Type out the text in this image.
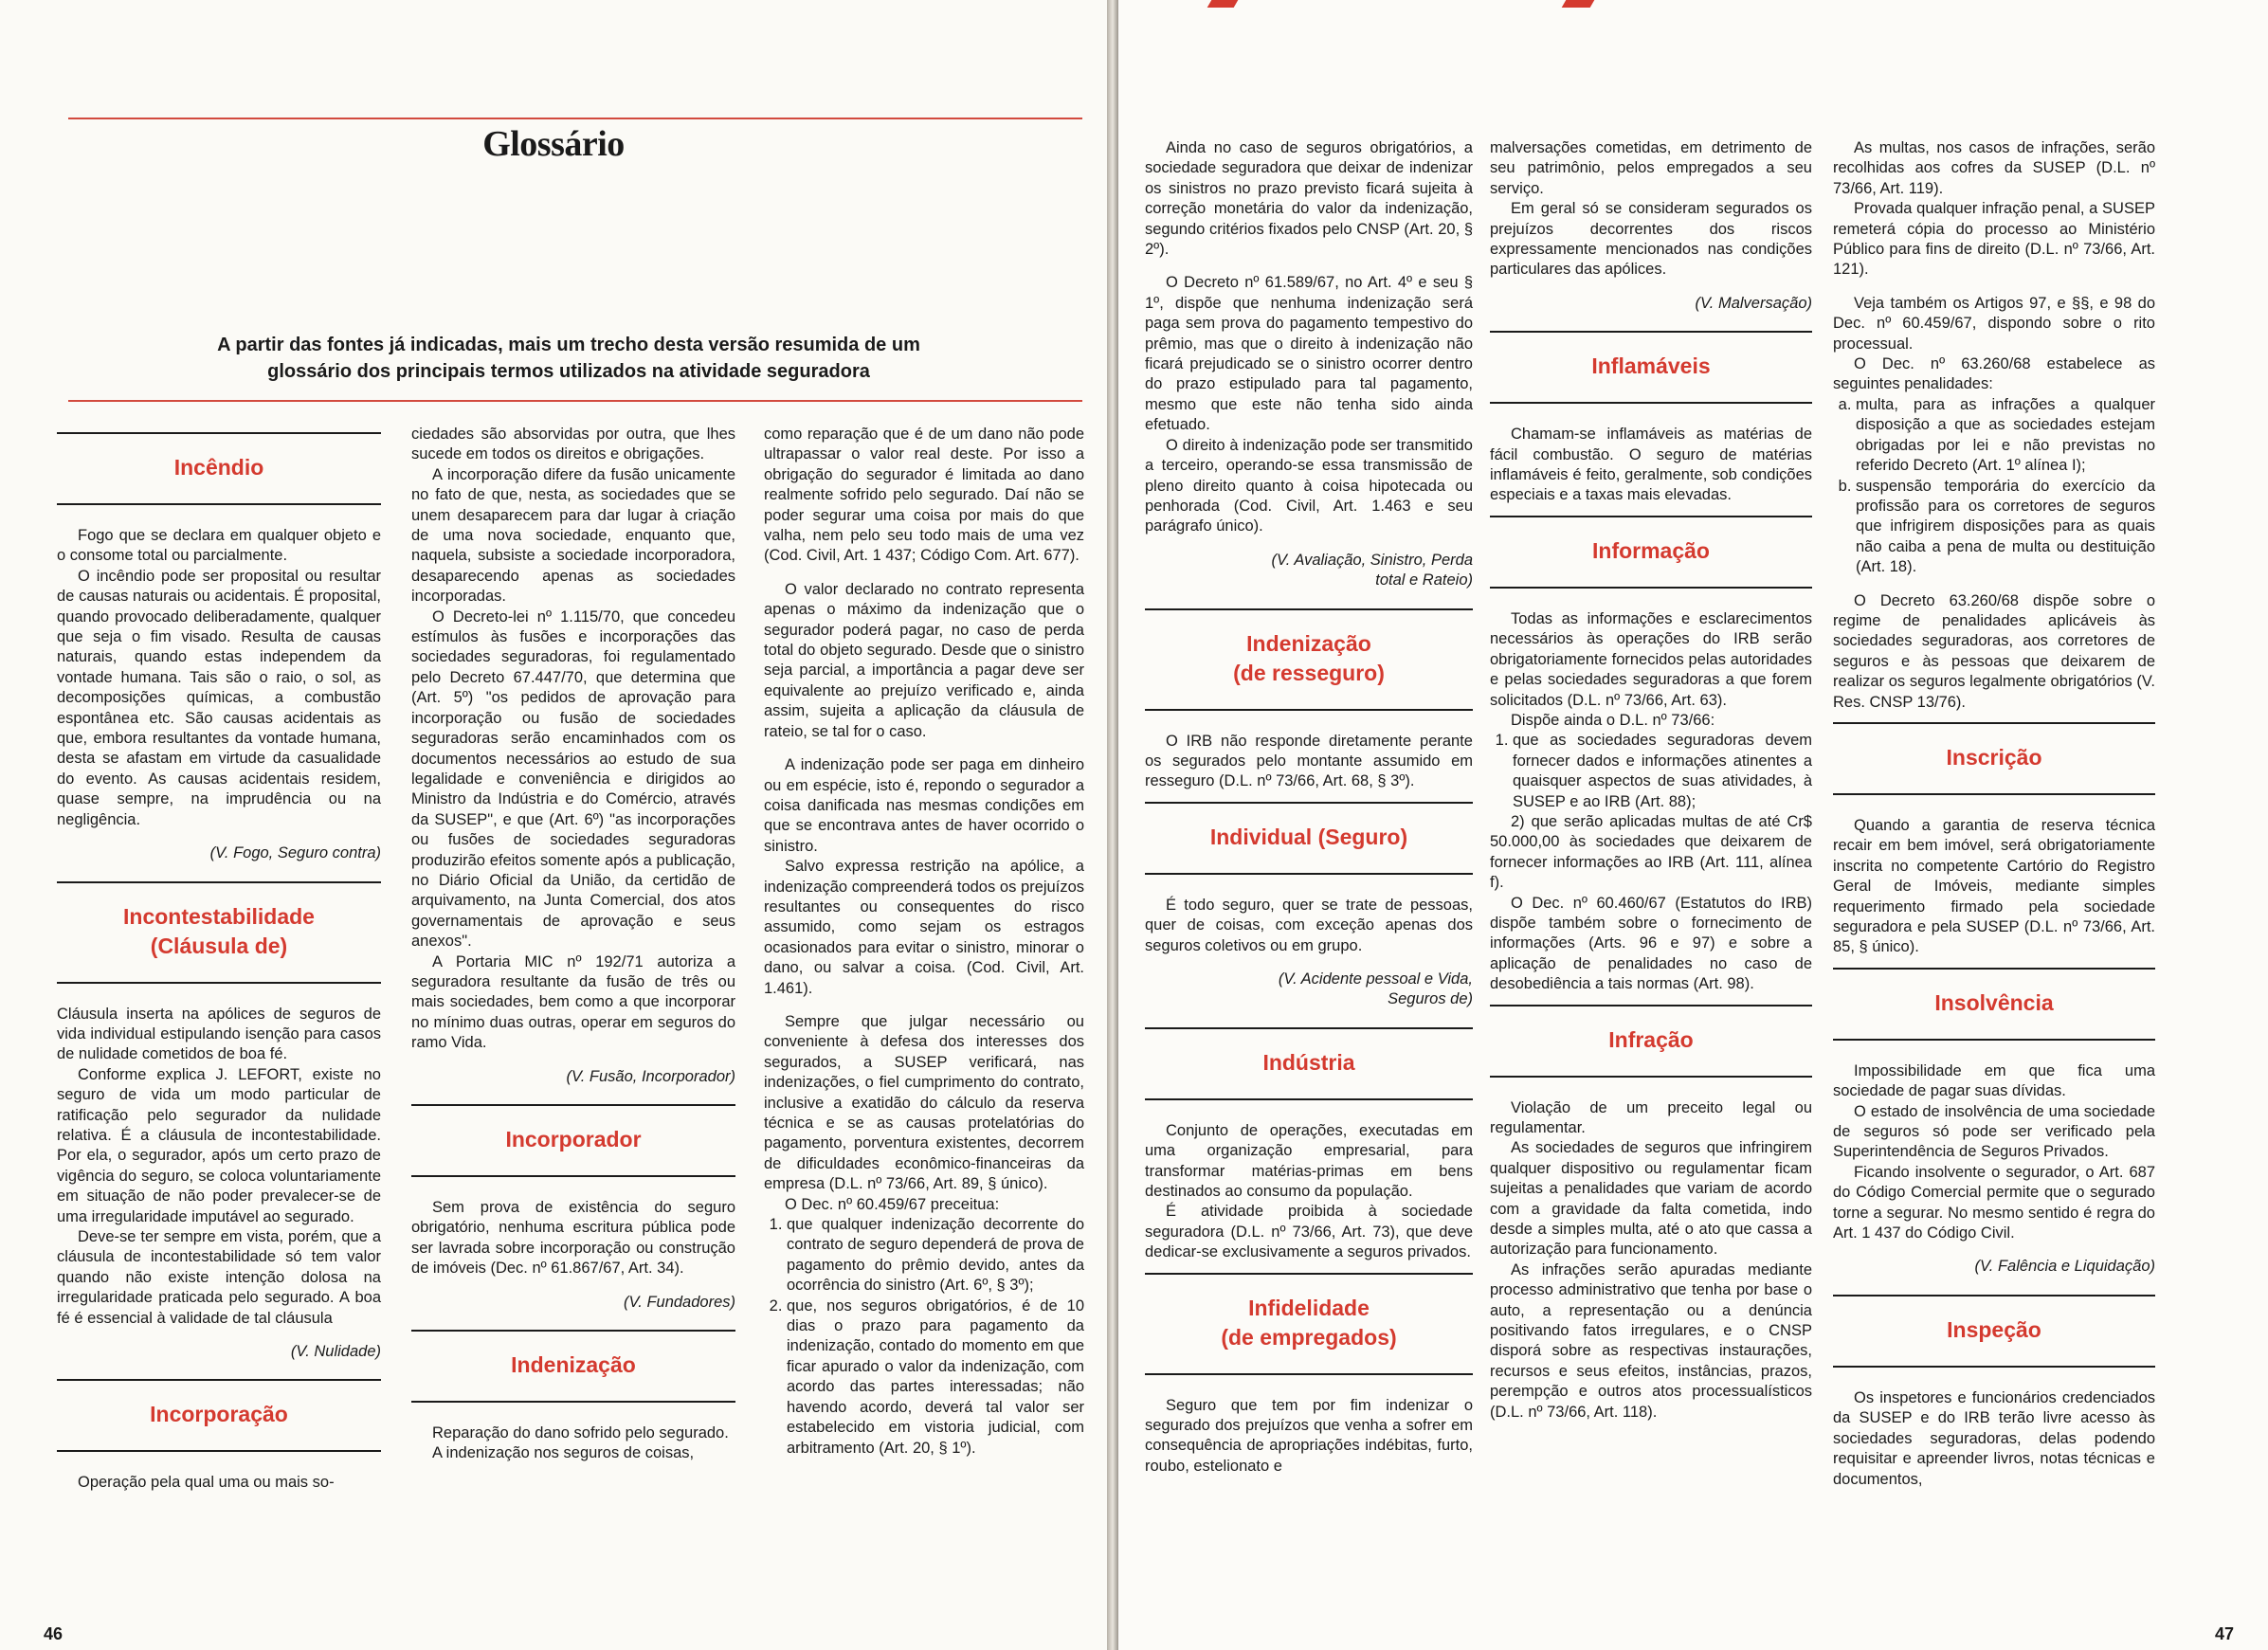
Glossário
A partir das fontes já indicadas, mais um trecho desta versão resumida de um
glossário dos principais termos utilizados na atividade seguradora
Incêndio

Fogo que se declara em qualquer objeto e o consome total ou parcialmente.

O incêndio pode ser proposital ou resultar de causas naturais ou acidentais. É proposital, quando provocado deliberadamente, qualquer que seja o fim visado. Resulta de causas naturais, quando estas independem da vontade humana. Tais são o raio, o sol, as decomposições químicas, a combustão espontânea etc. São causas acidentais as que, embora resultantes da vontade humana, desta se afastam em virtude da casualidade do evento. As causas acidentais residem, quase sempre, na imprudência ou na negligência.

(V. Fogo, Seguro contra)

Incontestabilidade
(Cláusula de)

Cláusula inserta na apólices de seguros de vida individual estipulando isenção para casos de nulidade cometidos de boa fé.

Conforme explica J. LEFORT, existe no seguro de vida um modo particular de ratificação pelo segurador da nulidade relativa. É a cláusula de incontestabilidade. Por ela, o segurador, após um certo prazo de vigência do seguro, se coloca voluntariamente em situação de não poder prevalecer-se de uma irregularidade imputável ao segurado.

Deve-se ter sempre em vista, porém, que a cláusula de incontestabilidade só tem valor quando não existe intenção dolosa na irregularidade praticada pelo segurado. A boa fé é essencial à validade de tal cláusula

(V. Nulidade)

Incorporação

Operação pela qual uma ou mais so-

ciedades são absorvidas por outra, que lhes sucede em todos os direitos e obrigações.

A incorporação difere da fusão unicamente no fato de que, nesta, as sociedades que se unem desaparecem para dar lugar à criação de uma nova sociedade, enquanto que, naquela, subsiste a sociedade incorporadora, desaparecendo apenas as sociedades incorporadas.

O Decreto-lei nº 1.115/70, que concedeu estímulos às fusões e incorporações das sociedades seguradoras, foi regulamentado pelo Decreto 67.447/70, que determina que (Art. 5º) "os pedidos de aprovação para incorporação ou fusão de sociedades seguradoras serão encaminhados com os documentos necessários ao estudo de sua legalidade e conveniência e dirigidos ao Ministro da Indústria e do Comércio, através da SUSEP", e que (Art. 6º) "as incorporações ou fusões de sociedades seguradoras produzirão efeitos somente após a publicação, no Diário Oficial da União, da certidão de arquivamento, na Junta Comercial, dos atos governamentais de aprovação e seus anexos".

A Portaria MIC nº 192/71 autoriza a seguradora resultante da fusão de três ou mais sociedades, bem como a que incorporar no mínimo duas outras, operar em seguros do ramo Vida.

(V. Fusão, Incorporador)

Incorporador

Sem prova de existência do seguro obrigatório, nenhuma escritura pública pode ser lavrada sobre incorporação ou construção de imóveis (Dec. nº 61.867/67, Art. 34).

(V. Fundadores)

Indenização

Reparação do dano sofrido pelo segurado.

A indenização nos seguros de coisas,

como reparação que é de um dano não pode ultrapassar o valor real deste. Por isso a obrigação do segurador é limitada ao dano realmente sofrido pelo segurado. Daí não se poder segurar uma coisa por mais do que valha, nem pelo seu todo mais de uma vez (Cod. Civil, Art. 1 437; Código Com. Art. 677).

O valor declarado no contrato representa apenas o máximo da indenização que o segurador poderá pagar, no caso de perda total do objeto segurado. Desde que o sinistro seja parcial, a importância a pagar deve ser equivalente ao prejuízo verificado e, ainda assim, sujeita a aplicação da cláusula de rateio, se tal for o caso.

A indenização pode ser paga em dinheiro ou em espécie, isto é, repondo o segurador a coisa danificada nas mesmas condições em que se encontrava antes de haver ocorrido o sinistro.

Salvo expressa restrição na apólice, a indenização compreenderá todos os prejuízos resultantes ou consequentes do risco assumido, como sejam os estragos ocasionados para evitar o sinistro, minorar o dano, ou salvar a coisa. (Cod. Civil, Art. 1.461).

Sempre que julgar necessário ou conveniente à defesa dos interesses dos segurados, a SUSEP verificará, nas indenizações, o fiel cumprimento do contrato, inclusive a exatidão do cálculo da reserva técnica e se as causas protelatórias do pagamento, porventura existentes, decorrem de dificuldades econômico-financeiras da empresa (D.L. nº 73/66, Art. 89, § único).

O Dec. nº 60.459/67 preceitua:

1. que qualquer indenização decorrente do contrato de seguro dependerá de prova de pagamento do prêmio devido, antes da ocorrência do sinistro (Art. 6º, § 3º);
2. que, nos seguros obrigatórios, é de 10 dias o prazo para pagamento da indenização, contado do momento em que ficar apurado o valor da indenização, com acordo das partes interessadas; não havendo acordo, deverá tal valor ser estabelecido em vistoria judicial, com arbitramento (Art. 20, § 1º).
46

Ainda no caso de seguros obrigatórios, a sociedade seguradora que deixar de indenizar os sinistros no prazo previsto ficará sujeita à correção monetária do valor da indenização, segundo critérios fixados pelo CNSP (Art. 20, § 2º).

O Decreto nº 61.589/67, no Art. 4º e seu § 1º, dispõe que nenhuma indenização será paga sem prova do pagamento tempestivo do prêmio, mas que o direito à indenização não ficará prejudicado se o sinistro ocorrer dentro do prazo estipulado para tal pagamento, mesmo que este não tenha sido ainda efetuado.

O direito à indenização pode ser transmitido a terceiro, operando-se essa transmissão de pleno direito quanto à coisa hipotecada ou penhorada (Cod. Civil, Art. 1.463 e seu parágrafo único).

(V. Avaliação, Sinistro, Perda
total e Rateio)
Indenização
(de resseguro)

O IRB não responde diretamente perante os segurados pelo montante assumido em resseguro (D.L. nº 73/66, Art. 68, § 3º).

Individual (Seguro)

É todo seguro, quer se trate de pessoas, quer de coisas, com exceção apenas dos seguros coletivos ou em grupo.

(V. Acidente pessoal e Vida,
Seguros de)
Indústria

Conjunto de operações, executadas em uma organização empresarial, para transformar matérias-primas em bens destinados ao consumo da população.

É atividade proibida à sociedade seguradora (D.L. nº 73/66, Art. 73), que deve dedicar-se exclusivamente a seguros privados.

Infidelidade
(de empregados)

Seguro que tem por fim indenizar o segurado dos prejuízos que venha a sofrer em consequência de apropriações indébitas, furto, roubo, estelionato e

malversações cometidas, em detrimento de seu patrimônio, pelos empregados a seu serviço.

Em geral só se consideram segurados os prejuízos decorrentes dos riscos expressamente mencionados nas condições particulares das apólices.

(V. Malversação)

Inflamáveis

Chamam-se inflamáveis as matérias de fácil combustão. O seguro de matérias inflamáveis é feito, geralmente, sob condições especiais e a taxas mais elevadas.

Informação

Todas as informações e esclarecimentos necessários às operações do IRB serão obrigatoriamente fornecidos pelas autoridades e pelas sociedades seguradoras a que forem solicitados (D.L. nº 73/66, Art. 63).

Dispõe ainda o D.L. nº 73/66:

1. que as sociedades seguradoras devem fornecer dados e informações atinentes a quaisquer aspectos de suas atividades, à SUSEP e ao IRB (Art. 88);

2) que serão aplicadas multas de até Cr$ 50.000,00 às sociedades que deixarem de fornecer informações ao IRB (Art. 111, alínea f).

O Dec. nº 60.460/67 (Estatutos do IRB) dispõe também sobre o fornecimento de informações (Arts. 96 e 97) e sobre a aplicação de penalidades no caso de desobediência a tais normas (Art. 98).

Infração

Violação de um preceito legal ou regulamentar.

As sociedades de seguros que infringirem qualquer dispositivo ou regulamentar ficam sujeitas a penalidades que variam de acordo com a gravidade da falta cometida, indo desde a simples multa, até o ato que cassa a autorização para funcionamento.

As infrações serão apuradas mediante processo administrativo que tenha por base o auto, a representação ou a denúncia positivando fatos irregulares, e o CNSP disporá sobre as respectivas instaurações, recursos e seus efeitos, instâncias, prazos, perempção e outros atos processualísticos (D.L. nº 73/66, Art. 118).

As multas, nos casos de infrações, serão recolhidas aos cofres da SUSEP (D.L. nº 73/66, Art. 119).

Provada qualquer infração penal, a SUSEP remeterá cópia do processo ao Ministério Público para fins de direito (D.L. nº 73/66, Art. 121).

Veja também os Artigos 97, e §§, e 98 do Dec. nº 60.459/67, dispondo sobre o rito processual.

O Dec. nº 63.260/68 estabelece as seguintes penalidades:

a. multa, para as infrações a qualquer disposição a que as sociedades estejam obrigadas por lei e não previstas no referido Decreto (Art. 1º alínea I);
b. suspensão temporária do exercício da profissão para os corretores de seguros que infrigirem disposições para as quais não caiba a pena de multa ou destituição (Art. 18).

O Decreto 63.260/68 dispõe sobre o regime de penalidades aplicáveis às sociedades seguradoras, aos corretores de seguros e às pessoas que deixarem de realizar os seguros legalmente obrigatórios (V. Res. CNSP 13/76).

Inscrição

Quando a garantia de reserva técnica recair em bem imóvel, será obrigatoriamente inscrita no competente Cartório do Registro Geral de Imóveis, mediante simples requerimento firmado pela sociedade seguradora e pela SUSEP (D.L. nº 73/66, Art. 85, § único).

Insolvência

Impossibilidade em que fica uma sociedade de pagar suas dívidas.

O estado de insolvência de uma sociedade de seguros só pode ser verificado pela Superintendência de Seguros Privados.

Ficando insolvente o segurador, o Art. 687 do Código Comercial permite que o segurado torne a segurar. No mesmo sentido é regra do Art. 1 437 do Código Civil.

(V. Falência e Liquidação)

Inspeção

Os inspetores e funcionários credenciados da SUSEP e do IRB terão livre acesso às sociedades seguradoras, delas podendo requisitar e apreender livros, notas técnicas e documentos,

47
